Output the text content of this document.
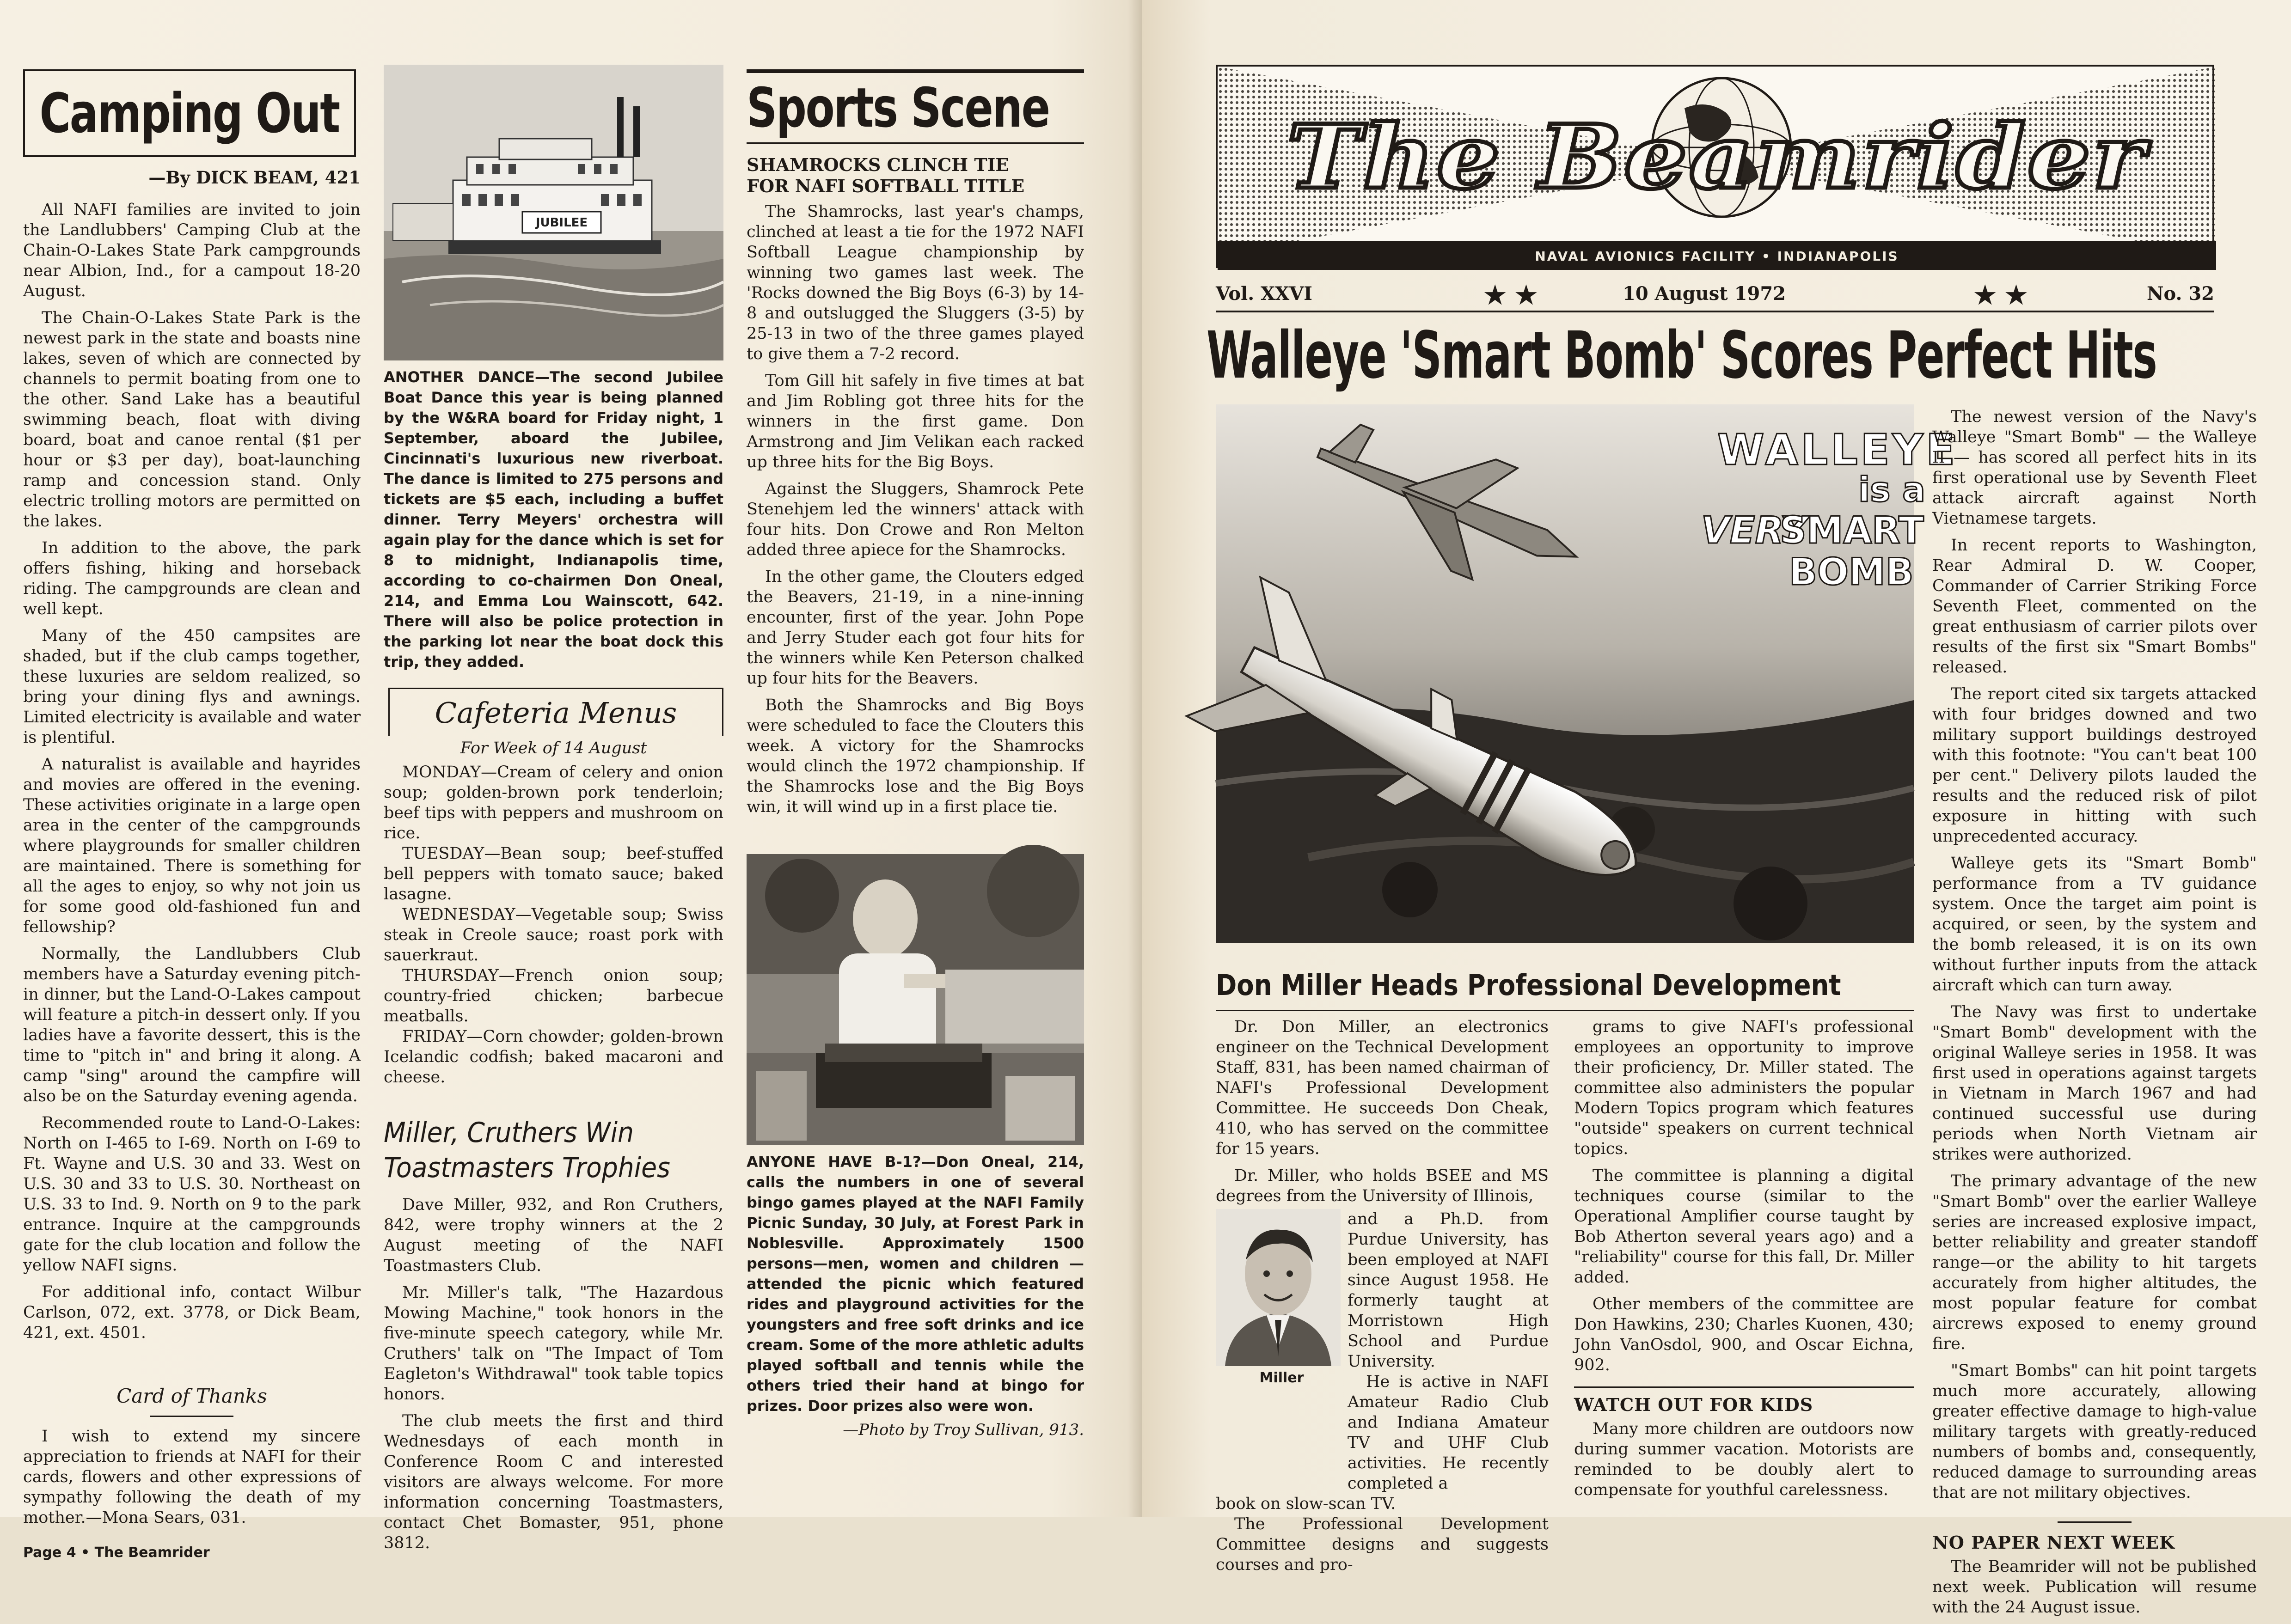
Camping Out
—By DICK BEAM, 421

All NAFI families are invited to join the Landlubbers' Camping Club at the Chain-O-Lakes State Park campgrounds near Albion, Ind., for a campout 18-20 August.

The Chain-O-Lakes State Park is the newest park in the state and boasts nine lakes, seven of which are connected by channels to permit boating from one to the other. Sand Lake has a beautiful swimming beach, float with diving board, boat and canoe rental ($1 per hour or $3 per day), boat-launching ramp and concession stand. Only electric trolling motors are permitted on the lakes.

In addition to the above, the park offers fishing, hiking and horseback riding. The campgrounds are clean and well kept.

Many of the 450 campsites are shaded, but if the club camps together, these luxuries are seldom realized, so bring your dining flys and awnings. Limited electricity is available and water is plentiful.

A naturalist is available and hayrides and movies are offered in the evening. These activities originate in a large open area in the center of the campgrounds where playgrounds for smaller children are maintained. There is something for all the ages to enjoy, so why not join us for some good old-fashioned fun and fellowship?

Normally, the Landlubbers Club members have a Saturday evening pitch-in dinner, but the Land-O-Lakes campout will feature a pitch-in dessert only. If you ladies have a favorite dessert, this is the time to "pitch in" and bring it along. A camp "sing" around the campfire will also be on the Saturday evening agenda.

Recommended route to Land-O-Lakes: North on I-465 to I-69. North on I-69 to Ft. Wayne and U.S. 30 and 33. West on U.S. 30 and 33 to U.S. 30. Northeast on U.S. 33 to Ind. 9. North on 9 to the park entrance. Inquire at the campgrounds gate for the club location and follow the yellow NAFI signs.

For additional info, contact Wilbur Carlson, 072, ext. 3778, or Dick Beam, 421, ext. 4501.

Card of Thanks

I wish to extend my sincere appreciation to friends at NAFI for their cards, flowers and other expressions of sympathy following the death of my mother.—Mona Sears, 031.

Page 4 • The Beamrider
JUBILEE

ANOTHER DANCE—The second Jubilee Boat Dance this year is being planned by the W&RA board for Friday night, 1 September, aboard the Jubilee, Cincinnati's luxurious new riverboat. The dance is limited to 275 persons and tickets are $5 each, including a buffet dinner. Terry Meyers' orchestra will again play for the dance which is set for 8 to midnight, Indianapolis time, according to co-chairmen Don Oneal, 214, and Emma Lou Wainscott, 642. There will also be police protection in the parking lot near the boat dock this trip, they added.

Cafeteria Menus
For Week of 14 August

MONDAY—Cream of celery and onion soup; golden-brown pork tenderloin; beef tips with peppers and mushroom on rice.

TUESDAY—Bean soup; beef-stuffed bell peppers with tomato sauce; baked lasagne.

WEDNESDAY—Vegetable soup; Swiss steak in Creole sauce; roast pork with sauerkraut.

THURSDAY—French onion soup; country-fried chicken; barbecue meatballs.

FRIDAY—Corn chowder; golden-brown Icelandic codfish; baked macaroni and cheese.

Miller, Cruthers Win
Toastmasters Trophies

Dave Miller, 932, and Ron Cruthers, 842, were trophy winners at the 2 August meeting of the NAFI Toastmasters Club.

Mr. Miller's talk, "The Hazardous Mowing Machine," took honors in the five-minute speech category, while Mr. Cruthers' talk on "The Impact of Tom Eagleton's Withdrawal" took table topics honors.

The club meets the first and third Wednesdays of each month in Conference Room C and interested visitors are always welcome. For more information concerning Toastmasters, contact Chet Bomaster, 951, phone 3812.

Sports Scene
SHAMROCKS CLINCH TIE
FOR NAFI SOFTBALL TITLE

The Shamrocks, last year's champs, clinched at least a tie for the 1972 NAFI Softball League championship by winning two games last week. The 'Rocks downed the Big Boys (6-3) by 14-8 and outslugged the Sluggers (3-5) by 25-13 in two of the three games played to give them a 7-2 record.

Tom Gill hit safely in five times at bat and Jim Robling got three hits for the winners in the first game. Don Armstrong and Jim Velikan each racked up three hits for the Big Boys.

Against the Sluggers, Shamrock Pete Stenehjem led the winners' attack with four hits. Don Crowe and Ron Melton added three apiece for the Shamrocks.

In the other game, the Clouters edged the Beavers, 21-19, in a nine-inning encounter, first of the year. John Pope and Jerry Studer each got four hits for the winners while Ken Peterson chalked up four hits for the Beavers.

Both the Shamrocks and Big Boys were scheduled to face the Clouters this week. A victory for the Shamrocks would clinch the 1972 championship. If the Shamrocks lose and the Big Boys win, it will wind up in a first place tie.

ANYONE HAVE B-1?—Don Oneal, 214, calls the numbers in one of several bingo games played at the NAFI Family Picnic Sunday, 30 July, at Forest Park in Noblesville. Approximately 1500 persons—men, women and children — attended the picnic which featured rides and playground activities for the youngsters and free soft drinks and ice cream. Some of the more athletic adults played softball and tennis while the others tried their hand at bingo for prizes. Door prizes also were won.

—Photo by Troy Sullivan, 913.
The Beamrider
NAVAL AVIONICS FACILITY • INDIANAPOLIS
Vol. XXVI	★ ★	10 August 1972	★ ★	No. 32
Walleye 'Smart Bomb' Scores Perfect Hits
WALLEYE
is a
VERY
SMART
BOMB

The newest version of the Navy's Walleye "Smart Bomb" — the Walleye II — has scored all perfect hits in its first operational use by Seventh Fleet attack aircraft against North Vietnamese targets.

In recent reports to Washington, Rear Admiral D. W. Cooper, Commander of Carrier Striking Force Seventh Fleet, commented on the great enthusiasm of carrier pilots over results of the first six "Smart Bombs" released.

The report cited six targets attacked with four bridges downed and two military support buildings destroyed with this footnote: "You can't beat 100 per cent." Delivery pilots lauded the results and the reduced risk of pilot exposure in hitting with such unprecedented accuracy.

Walleye gets its "Smart Bomb" performance from a TV guidance system. Once the target aim point is acquired, or seen, by the system and the bomb released, it is on its own without further inputs from the attack aircraft which can turn away.

The Navy was first to undertake "Smart Bomb" development with the original Walleye series in 1958. It was first used in operations against targets in Vietnam in March 1967 and had continued successful use during periods when North Vietnam air strikes were authorized.

The primary advantage of the new "Smart Bomb" over the earlier Walleye series are increased explosive impact, better reliability and greater standoff range—or the ability to hit targets accurately from higher altitudes, the most popular feature for combat aircrews exposed to enemy ground fire.

"Smart Bombs" can hit point targets much more accurately, allowing greater effective damage to high-value military targets with greatly-reduced numbers of bombs and, consequently, reduced damage to surrounding areas that are not military objectives.

NO PAPER NEXT WEEK

The Beamrider will not be published next week. Publication will resume with the 24 August issue.

Don Miller Heads Professional Development

Dr. Don Miller, an electronics engineer on the Technical Development Staff, 831, has been named chairman of NAFI's Professional Development Committee. He succeeds Don Cheak, 410, who has served on the committee for 15 years.

Dr. Miller, who holds BSEE and MS degrees from the University of Illinois,

Miller

and a Ph.D. from Purdue University, has been employed at NAFI since August 1958. He formerly taught at Morristown High School and Purdue University.
He is active in NAFI Amateur Radio Club and Indiana Amateur TV and UHF Club activities. He recently completed a

book on slow-scan TV.

The Professional Development Committee designs and suggests courses and pro-

grams to give NAFI's professional employees an opportunity to improve their proficiency, Dr. Miller stated. The committee also administers the popular Modern Topics program which features "outside" speakers on current technical topics.

The committee is planning a digital techniques course (similar to the Operational Amplifier course taught by Bob Atherton several years ago) and a "reliability" course for this fall, Dr. Miller added.

Other members of the committee are Don Hawkins, 230; Charles Kuonen, 430; John VanOsdol, 900, and Oscar Eichna, 902.

WATCH OUT FOR KIDS

Many more children are outdoors now during summer vacation. Motorists are reminded to be doubly alert to compensate for youthful carelessness.
